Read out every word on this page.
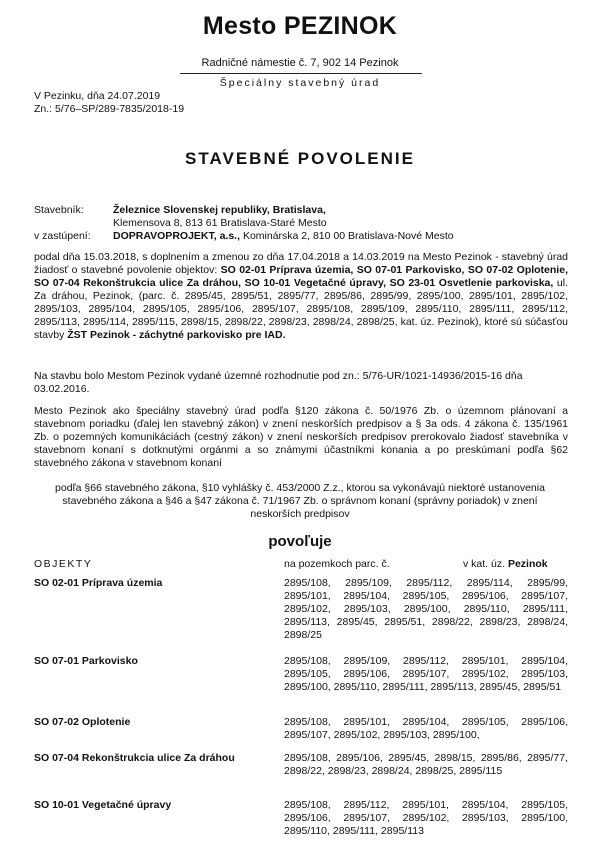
Mesto PEZINOK
Radničné námestie č. 7, 902 14 Pezinok
Špeciálny stavebný úrad
V Pezinku, dňa 24.07.2019
Zn.: 5/76–SP/289-7835/2018-19
STAVEBNÉ POVOLENIE
Stavebník:	Železnice Slovenskej republiky, Bratislava,
Klemensova 8, 813 61 Bratislava-Staré Mesto
v zastúpení: DOPRAVOPROJEKT, a.s., Kominárska 2, 810 00 Bratislava-Nové Mesto
podal dňa 15.03.2018, s doplnením a zmenou zo dňa 17.04.2018 a 14.03.2019 na Mesto Pezinok - stavebný úrad žiadosť o stavebné povolenie objektov: SO 02-01 Príprava územia, SO 07-01 Parkovisko, SO 07-02 Oplotenie, SO 07-04 Rekonštrukcia ulice Za dráhou, SO 10-01 Vegetačné úpravy, SO 23-01 Osvetlenie parkoviska, ul. Za dráhou, Pezinok, (parc. č. 2895/45, 2895/51, 2895/77, 2895/86, 2895/99, 2895/100, 2895/101, 2895/102, 2895/103, 2895/104, 2895/105, 2895/106, 2895/107, 2895/108, 2895/109, 2895/110, 2895/111, 2895/112, 2895/113, 2895/114, 2895/115, 2898/15, 2898/22, 2898/23, 2898/24, 2898/25, kat. úz. Pezinok), ktoré sú súčasťou stavby ŽST Pezinok - záchytné parkovisko pre IAD.
Na stavbu bolo Mestom Pezinok vydané územné rozhodnutie pod zn.: 5/76-UR/1021-14936/2015-16 dňa 03.02.2016.
Mesto Pezinok ako špeciálny stavebný úrad podľa §120 zákona č. 50/1976 Zb. o územnom plánovaní a stavebnom poriadku (ďalej len stavebný zákon) v znení neskorších predpisov a § 3a ods. 4 zákona č. 135/1961 Zb. o pozemných komunikáciách (cestný zákon) v znení neskorších predpisov prerokovalo žiadosť stavebníka v stavebnom konaní s dotknutými orgánmi a so známymi účastníkmi konania a po preskúmaní podľa §62 stavebného zákona v stavebnom konaní
podľa §66 stavebného zákona, §10 vyhlášky č. 453/2000 Z.z., ktorou sa vykonávajú niektoré ustanovenia stavebného zákona a §46 a §47 zákona č. 71/1967 Zb. o správnom konaní (správny poriadok) v znení neskorších predpisov
povoľuje
OBJEKTY	na pozemkoch parc. č.	v kat. úz. Pezinok
SO 02-01 Príprava územia	2895/108, 2895/109, 2895/112, 2895/114, 2895/99, 2895/101, 2895/104, 2895/105, 2895/106, 2895/107, 2895/102, 2895/103, 2895/100, 2895/110, 2895/111, 2895/113, 2895/45, 2895/51, 2898/22, 2898/23, 2898/24, 2898/25
SO 07-01 Parkovisko	2895/108, 2895/109, 2895/112, 2895/101, 2895/104, 2895/105, 2895/106, 2895/107, 2895/102, 2895/103, 2895/100, 2895/110, 2895/111, 2895/113, 2895/45, 2895/51
SO 07-02 Oplotenie	2895/108, 2895/101, 2895/104, 2895/105, 2895/106, 2895/107, 2895/102, 2895/103, 2895/100,
SO 07-04 Rekonštrukcia ulice Za dráhou	2895/108, 2895/106, 2895/45, 2898/15, 2895/86, 2895/77, 2898/22, 2898/23, 2898/24, 2898/25, 2895/115
SO 10-01 Vegetačné úpravy	2895/108, 2895/112, 2895/101, 2895/104, 2895/105, 2895/106, 2895/107, 2895/102, 2895/103, 2895/100, 2895/110, 2895/111, 2895/113
